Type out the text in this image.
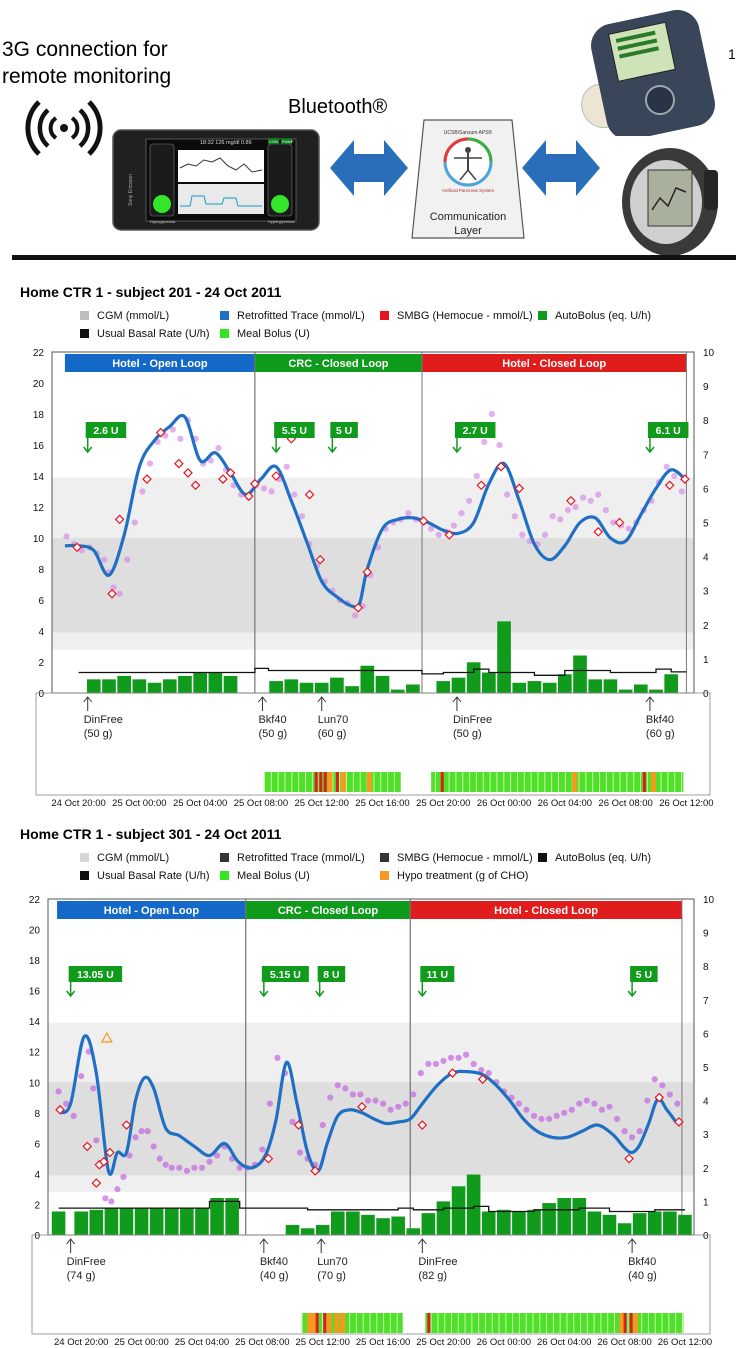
3G connection for
remote monitoring
Bluetooth®
1
18:32 126 mg/dl 0.86	CON PUMP
Hypoglycemia	Hyperglycemia
Sony Ericsson
UCSB/Sansum APS®
Artificial Pancreas System
Communication
Layer
Home CTR 1 - subject 201 - 24 Oct 2011
CGM (mmol/L)	Retrofitted Trace (mmol/L)	SMBG (Hemocue - mmol/L)	AutoBolus (eq. U/h)
Usual Basal Rate (U/h)	Meal Bolus (U)
Hotel - Open Loop	CRC - Closed Loop	Hotel - Closed Loop
0
2
4
6
8
10
12
14
16
18
20
22
0
1
2
3
4
5
6
7
8
9
10
2.6 U	5.5 U	5 U	2.7 U	6.1 U
DinFree
(50 g)
Bkf40
(50 g)
Lun70
(60 g)
DinFree
(50 g)
Bkf40
(60 g)
24 Oct 20:00 25 Oct 00:00 25 Oct 04:00 25 Oct 08:00 25 Oct 12:00 25 Oct 16:00 25 Oct 20:00 26 Oct 00:00 26 Oct 04:00 26 Oct 08:00 26 Oct 12:00
Home CTR 1 - subject 301 - 24 Oct 2011
CGM (mmol/L)	Retrofitted Trace (mmol/L)	SMBG (Hemocue - mmol/L)	AutoBolus (eq. U/h)
Usual Basal Rate (U/h)	Meal Bolus (U)	Hypo treatment (g of CHO)
Hotel - Open Loop	CRC - Closed Loop	Hotel - Closed Loop
0
2
4
6
8
10
12
14
16
18
20
22
0
1
2
3
4
5
6
7
8
9
10
13.05 U	5.15 U 8 U	11 U	5 U
DinFree
(74 g)
Bkf40
(40 g)
Lun70
(70 g)
DinFree
(82 g)
Bkf40
(40 g)
24 Oct 20:00 25 Oct 00:00 25 Oct 04:00 25 Oct 08:00 25 Oct 12:00 25 Oct 16:00 25 Oct 20:00 26 Oct 00:00 26 Oct 04:00 26 Oct 08:00 26 Oct 12:00
